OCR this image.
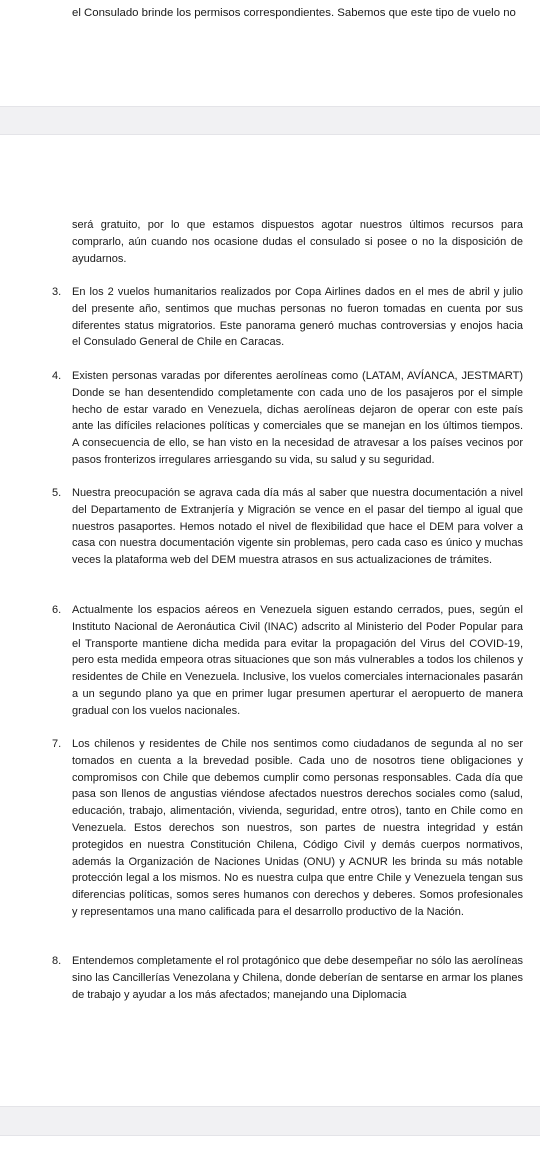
el Consulado brinde los permisos correspondientes. Sabemos que este tipo de vuelo no

será gratuito, por lo que estamos dispuestos agotar nuestros últimos recursos para comprarlo, aún cuando nos ocasione dudas el consulado si posee o no la disposición de ayudarnos.

3. En los 2 vuelos humanitarios realizados por Copa Airlines dados en el mes de abril y julio del presente año, sentimos que muchas personas no fueron tomadas en cuenta por sus diferentes status migratorios. Este panorama generó muchas controversias y enojos hacia el Consulado General de Chile en Caracas.
4. Existen personas varadas por diferentes aerolíneas como (LATAM, AVÍANCA, JESTMART) Donde se han desentendido completamente con cada uno de los pasajeros por el simple hecho de estar varado en Venezuela, dichas aerolíneas dejaron de operar con este país ante las difíciles relaciones políticas y comerciales que se manejan en los últimos tiempos. A consecuencia de ello, se han visto en la necesidad de atravesar a los países vecinos por pasos fronterizos irregulares arriesgando su vida, su salud y su seguridad.
5. Nuestra preocupación se agrava cada día más al saber que nuestra documentación a nivel del Departamento de Extranjería y Migración se vence en el pasar del tiempo al igual que nuestros pasaportes. Hemos notado el nivel de flexibilidad que hace el DEM para volver a casa con nuestra documentación vigente sin problemas, pero cada caso es único y muchas veces la plataforma web del DEM muestra atrasos en sus actualizaciones de trámites.
6. Actualmente los espacios aéreos en Venezuela siguen estando cerrados, pues, según el Instituto Nacional de Aeronáutica Civil (INAC) adscrito al Ministerio del Poder Popular para el Transporte mantiene dicha medida para evitar la propagación del Virus del COVID-19, pero esta medida empeora otras situaciones que son más vulnerables a todos los chilenos y residentes de Chile en Venezuela. Inclusive, los vuelos comerciales internacionales pasarán a un segundo plano ya que en primer lugar presumen aperturar el aeropuerto de manera gradual con los vuelos nacionales.
7. Los chilenos y residentes de Chile nos sentimos como ciudadanos de segunda al no ser tomados en cuenta a la brevedad posible. Cada uno de nosotros tiene obligaciones y compromisos con Chile que debemos cumplir como personas responsables. Cada día que pasa son llenos de angustias viéndose afectados nuestros derechos sociales como (salud, educación, trabajo, alimentación, vivienda, seguridad, entre otros), tanto en Chile como en Venezuela. Estos derechos son nuestros, son partes de nuestra integridad y están protegidos en nuestra Constitución Chilena, Código Civil y demás cuerpos normativos, además la Organización de Naciones Unidas (ONU) y ACNUR les brinda su más notable protección legal a los mismos. No es nuestra culpa que entre Chile y Venezuela tengan sus diferencias políticas, somos seres humanos con derechos y deberes. Somos profesionales y representamos una mano calificada para el desarrollo productivo de la Nación.
8. Entendemos completamente el rol protagónico que debe desempeñar no sólo las aerolíneas sino las Cancillerías Venezolana y Chilena, donde deberían de sentarse en armar los planes de trabajo y ayudar a los más afectados; manejando una Diplomacia
